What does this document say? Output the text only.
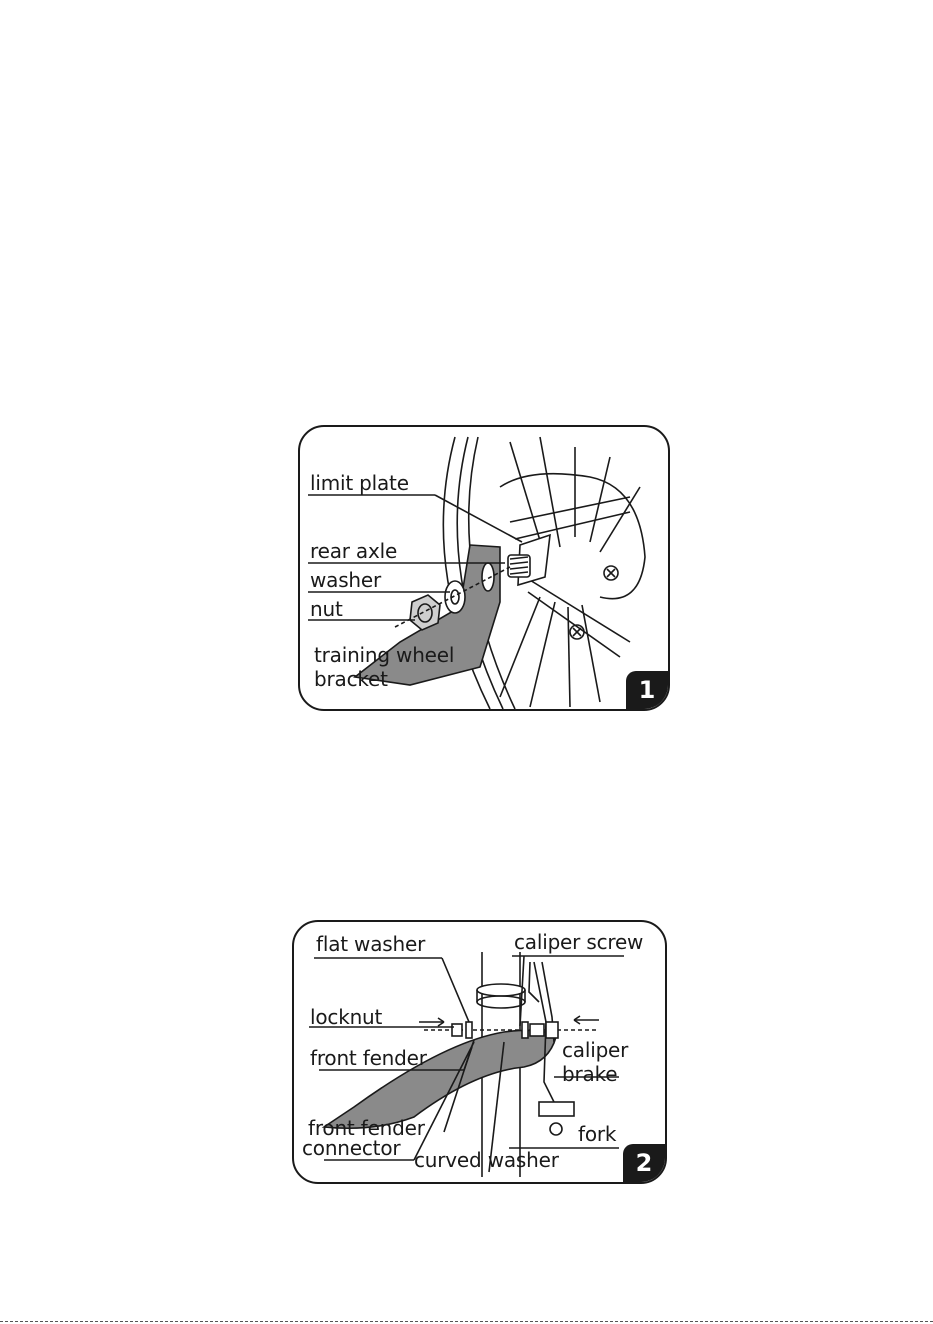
limit plate
rear axle
washer
nut
training wheel
bracket	1
flat washer	caliper screw
locknut
front fender	caliper
brake
front fender
connector
fork
curved washer	2
